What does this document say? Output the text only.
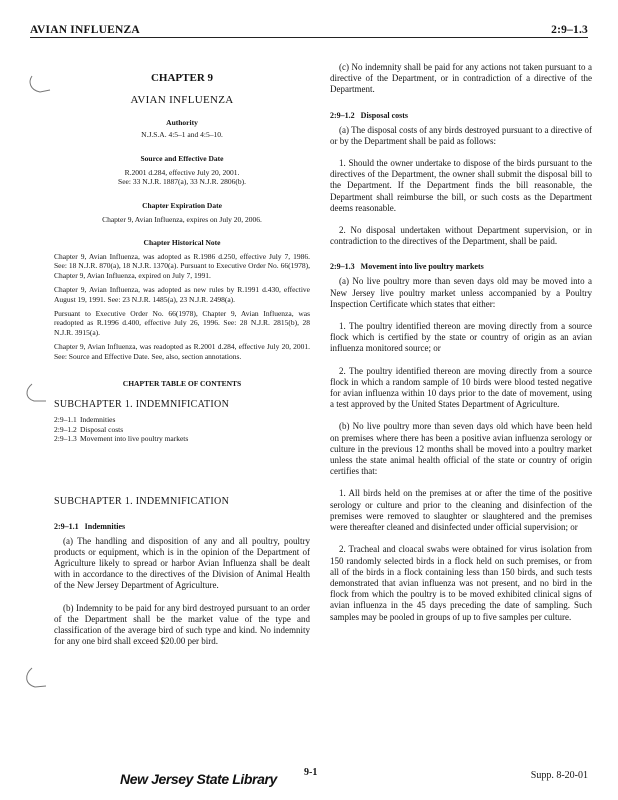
AVIAN INFLUENZA	2:9–1.3

CHAPTER 9

AVIAN INFLUENZA

Authority

N.J.S.A. 4:5–1 and 4:5–10.

Source and Effective Date

R.2001 d.284, effective July 20, 2001.

See: 33 N.J.R. 1887(a), 33 N.J.R. 2806(b).

Chapter Expiration Date

Chapter 9, Avian Influenza, expires on July 20, 2006.

Chapter Historical Note

Chapter 9, Avian Influenza, was adopted as R.1986 d.250, effective July 7, 1986. See: 18 N.J.R. 870(a), 18 N.J.R. 1370(a). Pursuant to Executive Order No. 66(1978), Chapter 9, Avian Influenza, expired on July 7, 1991.

Chapter 9, Avian Influenza, was adopted as new rules by R.1991 d.430, effective August 19, 1991. See: 23 N.J.R. 1485(a), 23 N.J.R. 2498(a).

Pursuant to Executive Order No. 66(1978), Chapter 9, Avian Influenza, was readopted as R.1996 d.400, effective July 26, 1996. See: 28 N.J.R. 2815(b), 28 N.J.R. 3915(a).

Chapter 9, Avian Influenza, was readopted as R.2001 d.284, effective July 20, 2001. See: Source and Effective Date. See, also, section annotations.

CHAPTER TABLE OF CONTENTS

SUBCHAPTER 1. INDEMNIFICATION

2:9–1.1 Indemnities
2:9–1.2 Disposal costs
2:9–1.3 Movement into live poultry markets

SUBCHAPTER 1. INDEMNIFICATION

2:9–1.1 Indemnities

(a) The handling and disposition of any and all poultry, poultry products or equipment, which is in the opinion of the Department of Agriculture likely to spread or harbor Avian Influenza shall be dealt with in accordance to the directives of the Division of Animal Health of the New Jersey Department of Agriculture.

(b) Indemnity to be paid for any bird destroyed pursuant to an order of the Department shall be the market value of the type and classification of the average bird of such type and kind. No indemnity for any one bird shall exceed $20.00 per bird.

(c) No indemnity shall be paid for any actions not taken pursuant to a directive of the Department, or in contradiction of a directive of the Department.

2:9–1.2 Disposal costs

(a) The disposal costs of any birds destroyed pursuant to a directive of or by the Department shall be paid as follows:

1. Should the owner undertake to dispose of the birds pursuant to the directives of the Department, the owner shall submit the disposal bill to the Department. If the Department finds the bill reasonable, the Department shall reimburse the bill, or such costs as the Department deems reasonable.

2. No disposal undertaken without Department supervision, or in contradiction to the directives of the Department, shall be paid.

2:9–1.3 Movement into live poultry markets

(a) No live poultry more than seven days old may be moved into a New Jersey live poultry market unless accompanied by a Poultry Inspection Certificate which states that either:

1. The poultry identified thereon are moving directly from a source flock which is certified by the state or country of origin as an avian influenza monitored source; or

2. The poultry identified thereon are moving directly from a source flock in which a random sample of 10 birds were blood tested negative for avian influenza within 10 days prior to the date of movement, using a test approved by the United States Department of Agriculture.

(b) No live poultry more than seven days old which have been held on premises where there has been a positive avian influenza serology or culture in the previous 12 months shall be moved into a poultry market unless the state animal health official of the state or country of origin certifies that:

1. All birds held on the premises at or after the time of the positive serology or culture and prior to the cleaning and disinfection of the premises were removed to slaughter or slaughtered and the premises were thereafter cleaned and disinfected under official supervision; or

2. Tracheal and cloacal swabs were obtained for virus isolation from 150 randomly selected birds in a flock held on such premises, or from all of the birds in a flock containing less than 150 birds, and such tests demonstrated that avian influenza was not present, and no bird in the flock from which the poultry is to be moved exhibited clinical signs of avian influenza in the 45 days preceding the date of sampling. Such samples may be pooled in groups of up to five samples per culture.

New Jersey State Library	9-1	Supp. 8-20-01
